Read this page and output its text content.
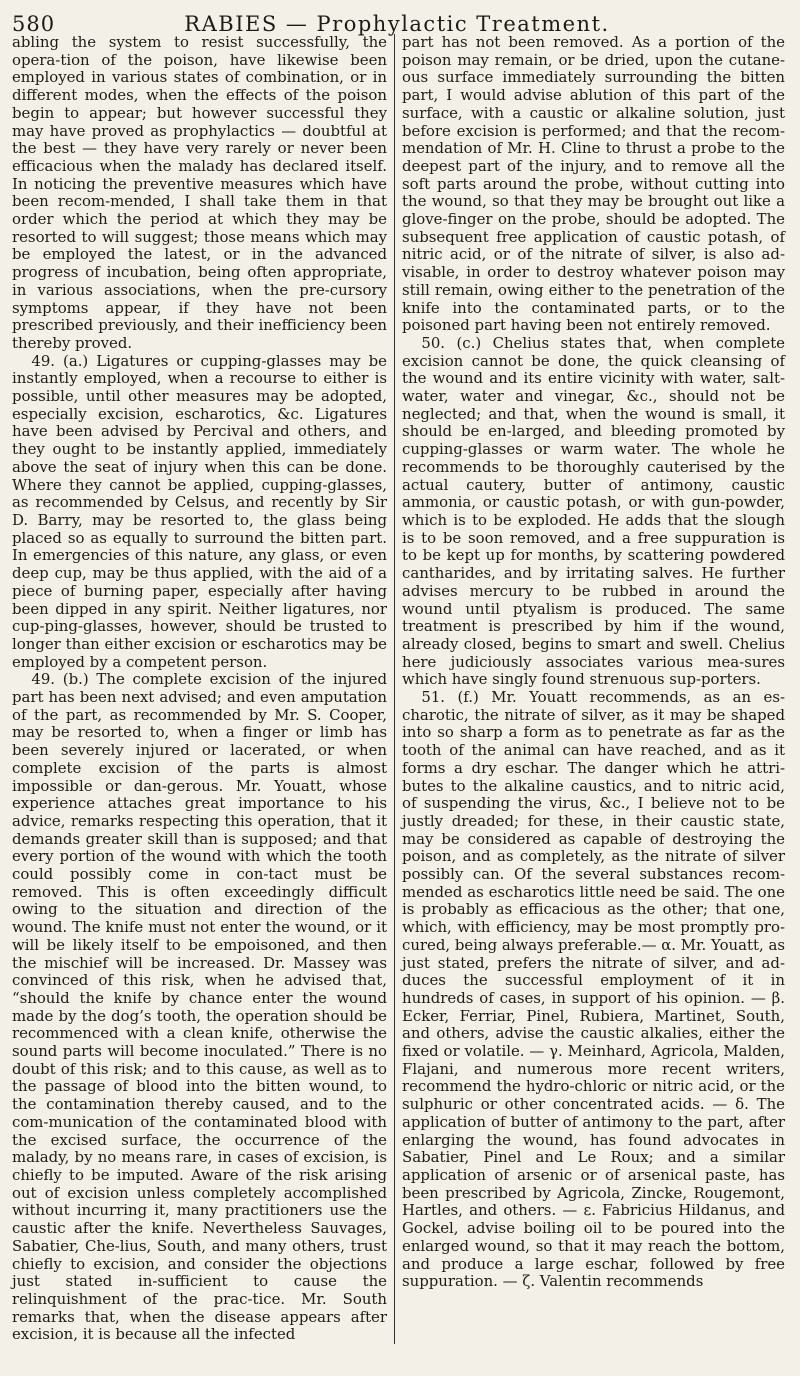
580	RABIES — Prophylactic Treatment.

abling the system to resist successfully, the opera-tion of the poison, have likewise been employed in various states of combination, or in different modes, when the effects of the poison begin to appear; but however successful they may have proved as prophylactics — doubtful at the best — they have very rarely or never been efficacious when the malady has declared itself. In noticing the preventive measures which have been recom-mended, I shall take them in that order which the period at which they may be resorted to will suggest; those means which may be employed the latest, or in the advanced progress of incubation, being often appropriate, in various associations, when the pre-cursory symptoms appear, if they have not been prescribed previously, and their inefficiency been thereby proved.

49. (a.) Ligatures or cupping-glasses may be instantly employed, when a recourse to either is possible, until other measures may be adopted, especially excision, escharotics, &c. Ligatures have been advised by Percival and others, and they ought to be instantly applied, immediately above the seat of injury when this can be done. Where they cannot be applied, cupping-glasses, as recommended by Celsus, and recently by Sir D. Barry, may be resorted to, the glass being placed so as equally to surround the bitten part. In emergencies of this nature, any glass, or even deep cup, may be thus applied, with the aid of a piece of burning paper, especially after having been dipped in any spirit. Neither ligatures, nor cup-ping-glasses, however, should be trusted to longer than either excision or escharotics may be employed by a competent person.

49. (b.) The complete excision of the injured part has been next advised; and even amputation of the part, as recommended by Mr. S. Cooper, may be resorted to, when a finger or limb has been severely injured or lacerated, or when complete excision of the parts is almost impossible or dan-gerous. Mr. Youatt, whose experience attaches great importance to his advice, remarks respecting this operation, that it demands greater skill than is supposed; and that every portion of the wound with which the tooth could possibly come in con-tact must be removed. This is often exceedingly difficult owing to the situation and direction of the wound. The knife must not enter the wound, or it will be likely itself to be empoisoned, and then the mischief will be increased. Dr. Massey was convinced of this risk, when he advised that, “should the knife by chance enter the wound made by the dog’s tooth, the operation should be recommenced with a clean knife, otherwise the sound parts will become inoculated.” There is no doubt of this risk; and to this cause, as well as to the passage of blood into the bitten wound, to the contamination thereby caused, and to the com-munication of the contaminated blood with the excised surface, the occurrence of the malady, by no means rare, in cases of excision, is chiefly to be imputed. Aware of the risk arising out of excision unless completely accomplished without incurring it, many practitioners use the caustic after the knife. Nevertheless Sauvages, Sabatier, Che-lius, South, and many others, trust chiefly to excision, and consider the objections just stated in-sufficient to cause the relinquishment of the prac-tice. Mr. South remarks that, when the disease appears after excision, it is because all the infected

part has not been removed. As a portion of the poison may remain, or be dried, upon the cutane-ous surface immediately surrounding the bitten part, I would advise ablution of this part of the surface, with a caustic or alkaline solution, just before excision is performed; and that the recom-mendation of Mr. H. Cline to thrust a probe to the deepest part of the injury, and to remove all the soft parts around the probe, without cutting into the wound, so that they may be brought out like a glove-finger on the probe, should be adopted. The subsequent free application of caustic potash, of nitric acid, or of the nitrate of silver, is also ad-visable, in order to destroy whatever poison may still remain, owing either to the penetration of the knife into the contaminated parts, or to the poisoned part having been not entirely removed.

50. (c.) Chelius states that, when complete excision cannot be done, the quick cleansing of the wound and its entire vicinity with water, salt-water, water and vinegar, &c., should not be neglected; and that, when the wound is small, it should be en-larged, and bleeding promoted by cupping-glasses or warm water. The whole he recommends to be thoroughly cauterised by the actual cautery, butter of antimony, caustic ammonia, or caustic potash, or with gun-powder, which is to be exploded. He adds that the slough is to be soon removed, and a free suppuration is to be kept up for months, by scattering powdered cantharides, and by irritating salves. He further advises mercury to be rubbed in around the wound until ptyalism is produced. The same treatment is prescribed by him if the wound, already closed, begins to smart and swell. Chelius here judiciously associates various mea-sures which have singly found strenuous sup-porters.

51. (f.) Mr. Youatt recommends, as an es-charotic, the nitrate of silver, as it may be shaped into so sharp a form as to penetrate as far as the tooth of the animal can have reached, and as it forms a dry eschar. The danger which he attri-butes to the alkaline caustics, and to nitric acid, of suspending the virus, &c., I believe not to be justly dreaded; for these, in their caustic state, may be considered as capable of destroying the poison, and as completely, as the nitrate of silver possibly can. Of the several substances recom-mended as escharotics little need be said. The one is probably as efficacious as the other; that one, which, with efficiency, may be most promptly pro-cured, being always preferable.— α. Mr. Youatt, as just stated, prefers the nitrate of silver, and ad-duces the successful employment of it in hundreds of cases, in support of his opinion. — β. Ecker, Ferriar, Pinel, Rubiera, Martinet, South, and others, advise the caustic alkalies, either the fixed or volatile. — γ. Meinhard, Agricola, Malden, Flajani, and numerous more recent writers, recommend the hydro-chloric or nitric acid, or the sulphuric or other concentrated acids. — δ. The application of butter of antimony to the part, after enlarging the wound, has found advocates in Sabatier, Pinel and Le Roux; and a similar application of arsenic or of arsenical paste, has been prescribed by Agricola, Zincke, Rougemont, Hartles, and others. — ε. Fabricius Hildanus, and Gockel, advise boiling oil to be poured into the enlarged wound, so that it may reach the bottom, and produce a large eschar, followed by free suppuration. — ζ. Valentin recommends
